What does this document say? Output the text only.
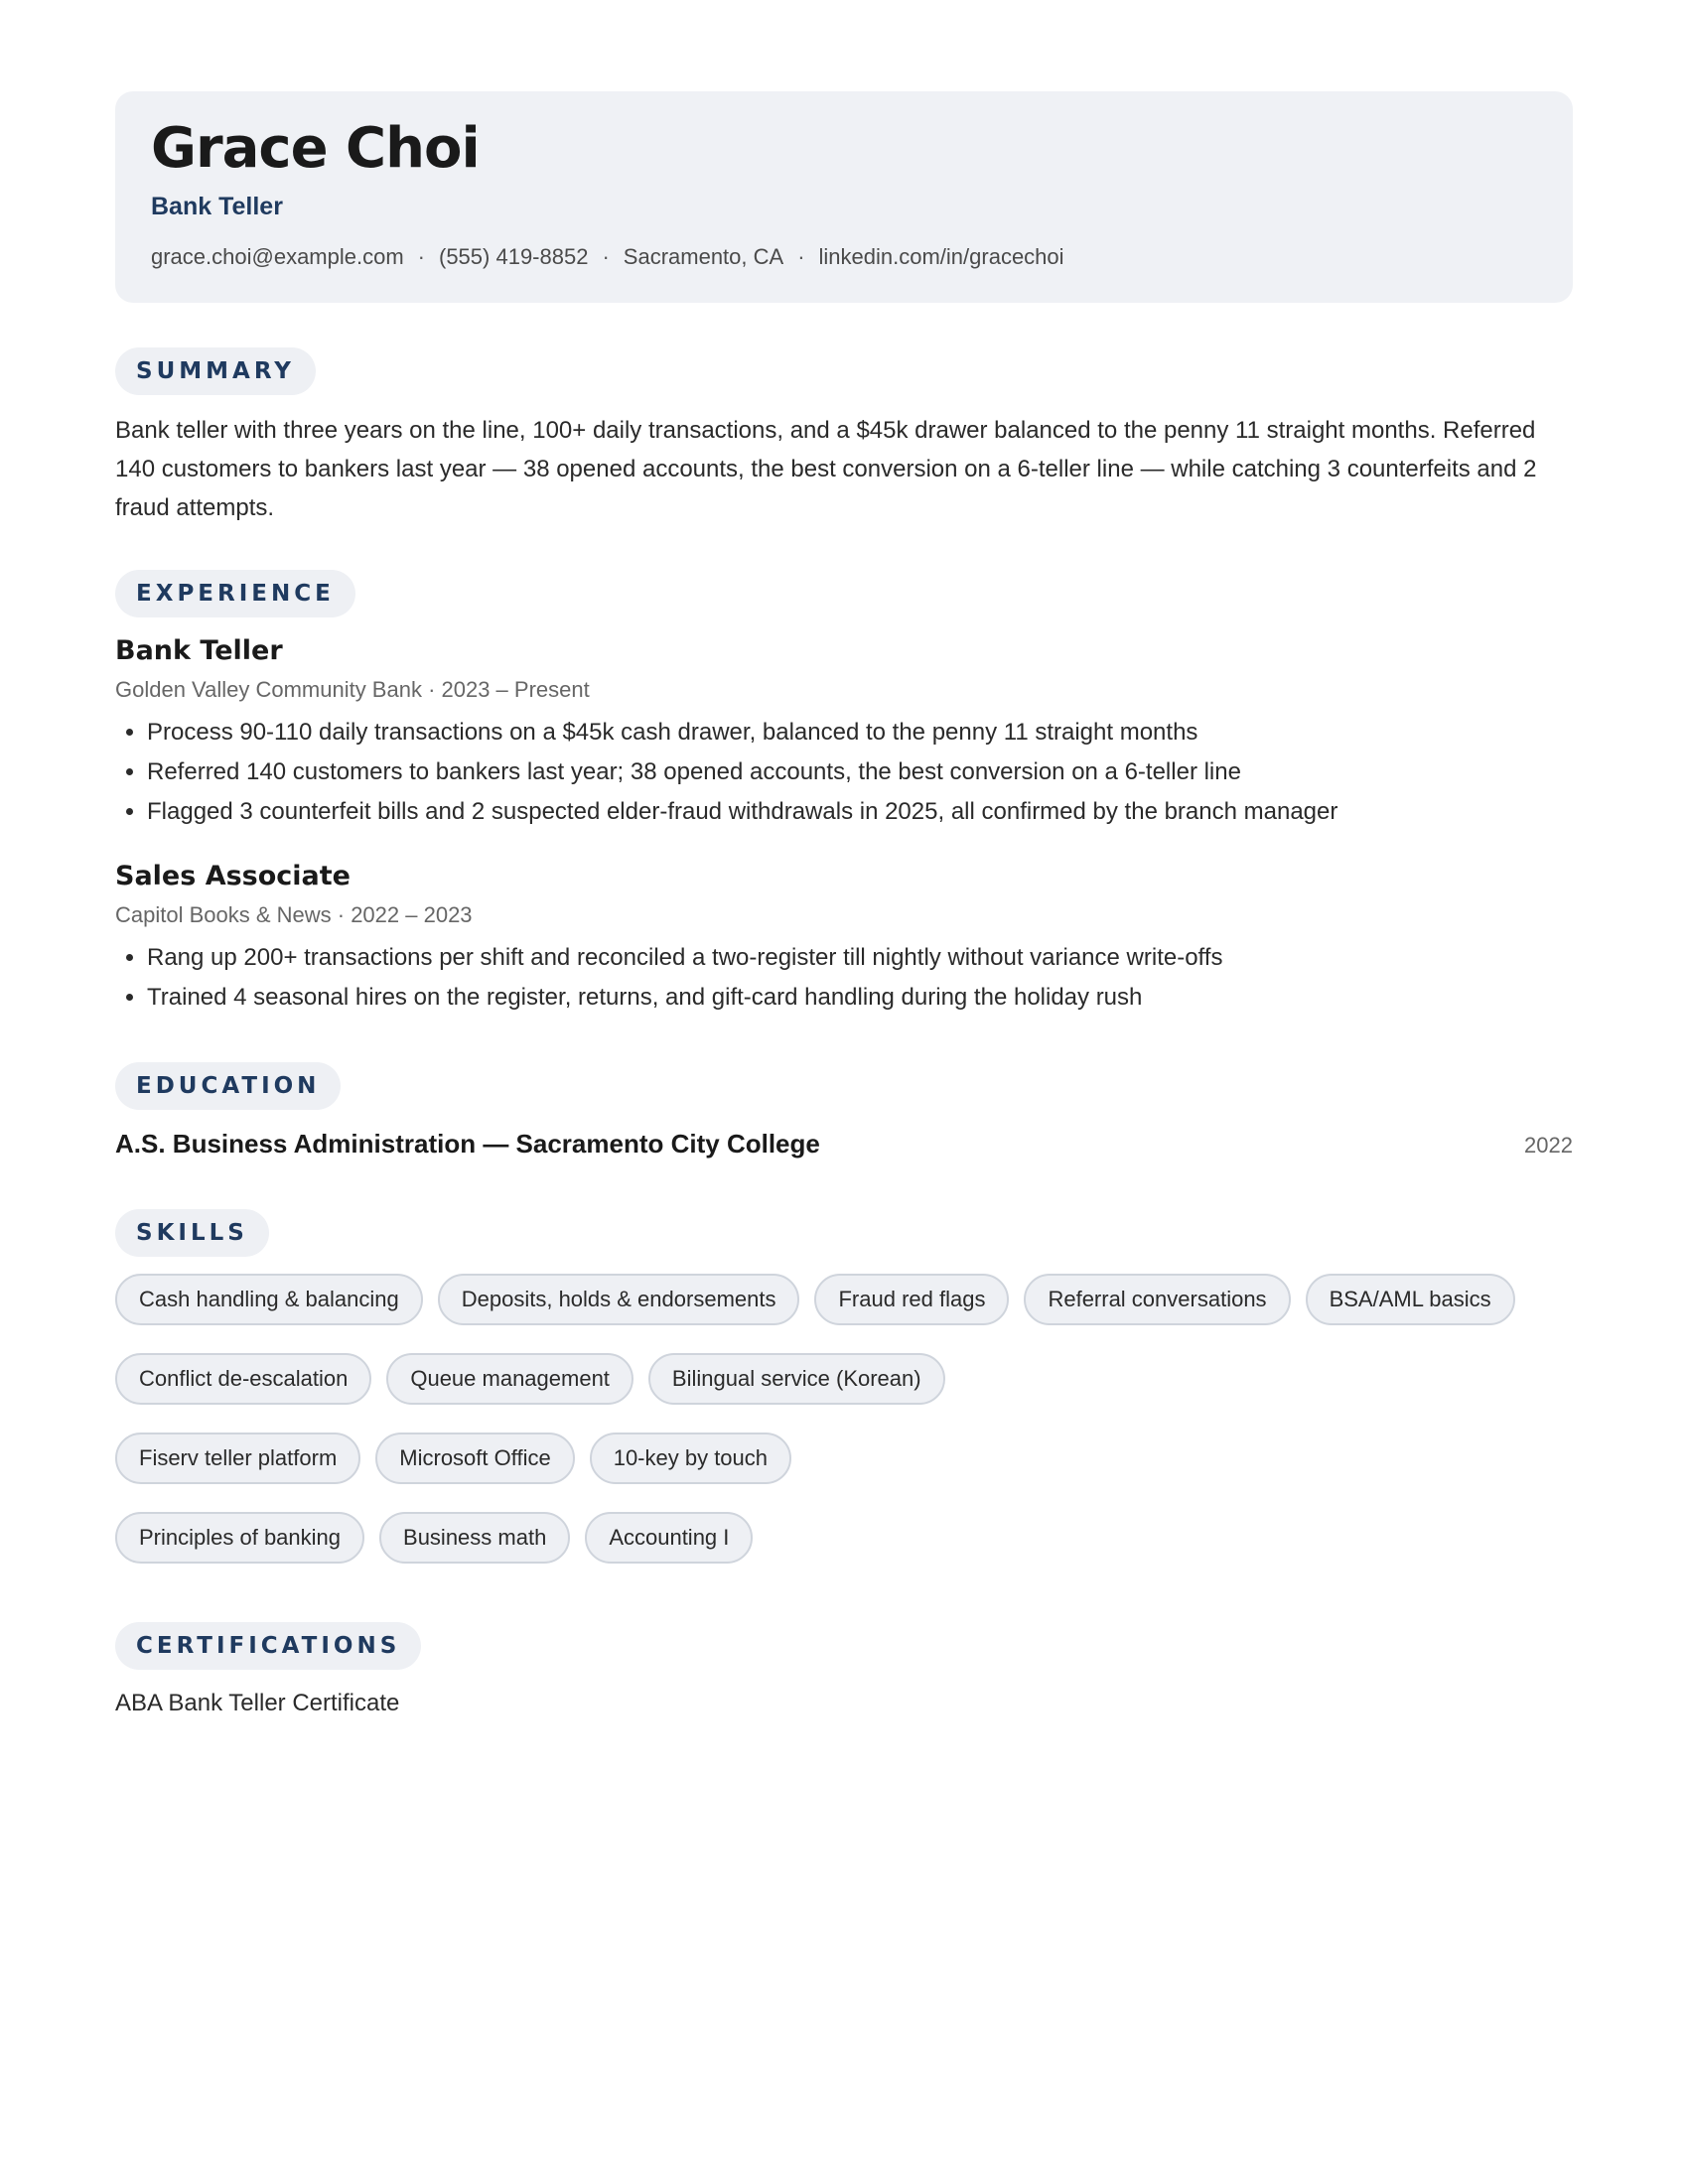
Grace Choi
Bank Teller
grace.choi@example.com · (555) 419-8852 · Sacramento, CA · linkedin.com/in/gracechoi
SUMMARY
Bank teller with three years on the line, 100+ daily transactions, and a $45k drawer balanced to the penny 11 straight months. Referred 140 customers to bankers last year — 38 opened accounts, the best conversion on a 6-teller line — while catching 3 counterfeits and 2 fraud attempts.
EXPERIENCE
Bank Teller
Golden Valley Community Bank · 2023 – Present
• Process 90-110 daily transactions on a $45k cash drawer, balanced to the penny 11 straight months
• Referred 140 customers to bankers last year; 38 opened accounts, the best conversion on a 6-teller line
• Flagged 3 counterfeit bills and 2 suspected elder-fraud withdrawals in 2025, all confirmed by the branch manager
Sales Associate
Capitol Books & News · 2022 – 2023
• Rang up 200+ transactions per shift and reconciled a two-register till nightly without variance write-offs
• Trained 4 seasonal hires on the register, returns, and gift-card handling during the holiday rush
EDUCATION
A.S. Business Administration — Sacramento City College	2022
SKILLS
Cash handling & balancing	Deposits, holds & endorsements	Fraud red flags	Referral conversations	BSA/AML basics
Conflict de-escalation	Queue management	Bilingual service (Korean)
Fiserv teller platform	Microsoft Office	10-key by touch
Principles of banking	Business math	Accounting I
CERTIFICATIONS
ABA Bank Teller Certificate
